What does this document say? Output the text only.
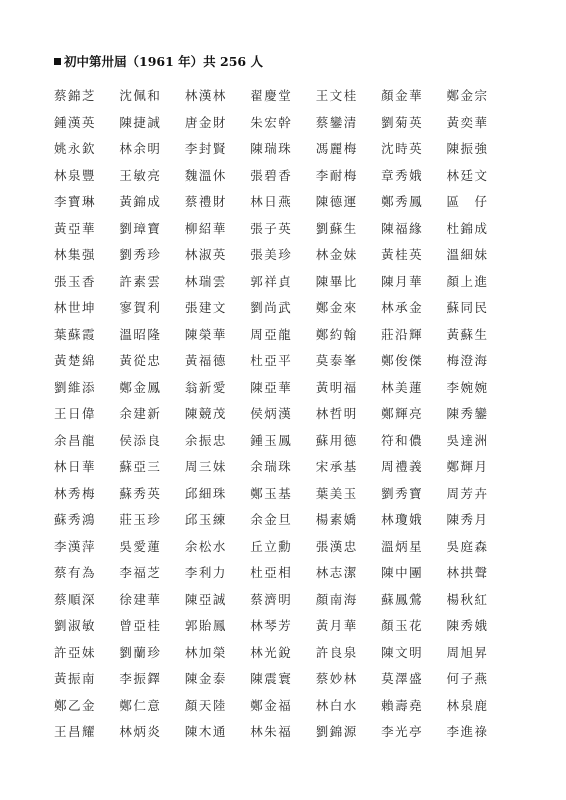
初中第卅屆（1961 年）共 256 人
蔡錦芝	沈佩和	林漢林	翟慶堂	王文桂	顏金華	鄭金宗
鍾漢英	陳捷誠	唐金財	朱宏幹	蔡鑾清	劉菊英	黃奕華
姚永欽	林余明	李封賢	陳瑞珠	馮麗梅	沈時英	陳振強
林泉豐	王敏亮	魏溫休	張碧香	李耐梅	章秀娥	林廷文
李寶琳	黃錦成	蔡禮財	林日燕	陳德運	鄭秀鳳	區　仔
黃亞華	劉璋寶	柳紹華	張子英	劉蘇生	陳福緣	杜錦成
林集强	劉秀珍	林淑英	張美珍	林金妹	黃桂英	溫細妹
張玉香	許素雲	林瑞雲	郭祥貞	陳畢比	陳月華	顏上進
林世坤	寥賀利	張建文	劉尚武	鄭金來	林承金	蘇同民
葉蘇霞	溫昭隆	陳榮華	周亞龍	鄭約翰	莊沿輝	黃蘇生
黃楚綿	黃從忠	黃福德	杜亞平	莫泰峯	鄭俊傑	梅澄海
劉維添	鄭金鳳	翁新愛	陳亞華	黃明福	林美蓮	李婉婉
王日偉	余建新	陳競茂	侯炳漢	林哲明	鄭輝亮	陳秀鑾
余昌龍	侯添良	余振忠	鍾玉鳳	蘇用德	符和儂	吳達洲
林日華	蘇亞三	周三妹	余瑞珠	宋承基	周禮義	鄭輝月
林秀梅	蘇秀英	邱細珠	鄭玉基	葉美玉	劉秀寶	周芳卉
蘇秀鴻	莊玉珍	邱玉練	余金旦	楊素嬌	林瓊娥	陳秀月
李漢萍	吳愛蓮	余松水	丘立勳	張漢忠	溫炳星	吳庭森
蔡有為	李福芝	李利力	杜亞相	林志潔	陳中團	林拱聲
蔡順深	徐建華	陳亞誠	蔡濟明	顏南海	蘇鳳鶯	楊秋紅
劉淑敏	曾亞桂	郭貽鳳	林琴芳	黃月華	顏玉花	陳秀娥
許亞妹	劉蘭珍	林加榮	林光銳	許良泉	陳文明	周旭昇
黃振南	李振鐸	陳金泰	陳震寰	蔡妙林	莫澤盛	何子燕
鄭乙金	鄭仁意	顏天陸	鄭金福	林白水	賴壽堯	林泉鹿
王昌耀	林炳炎	陳木通	林朱福	劉錦源	李光亭	李進祿
